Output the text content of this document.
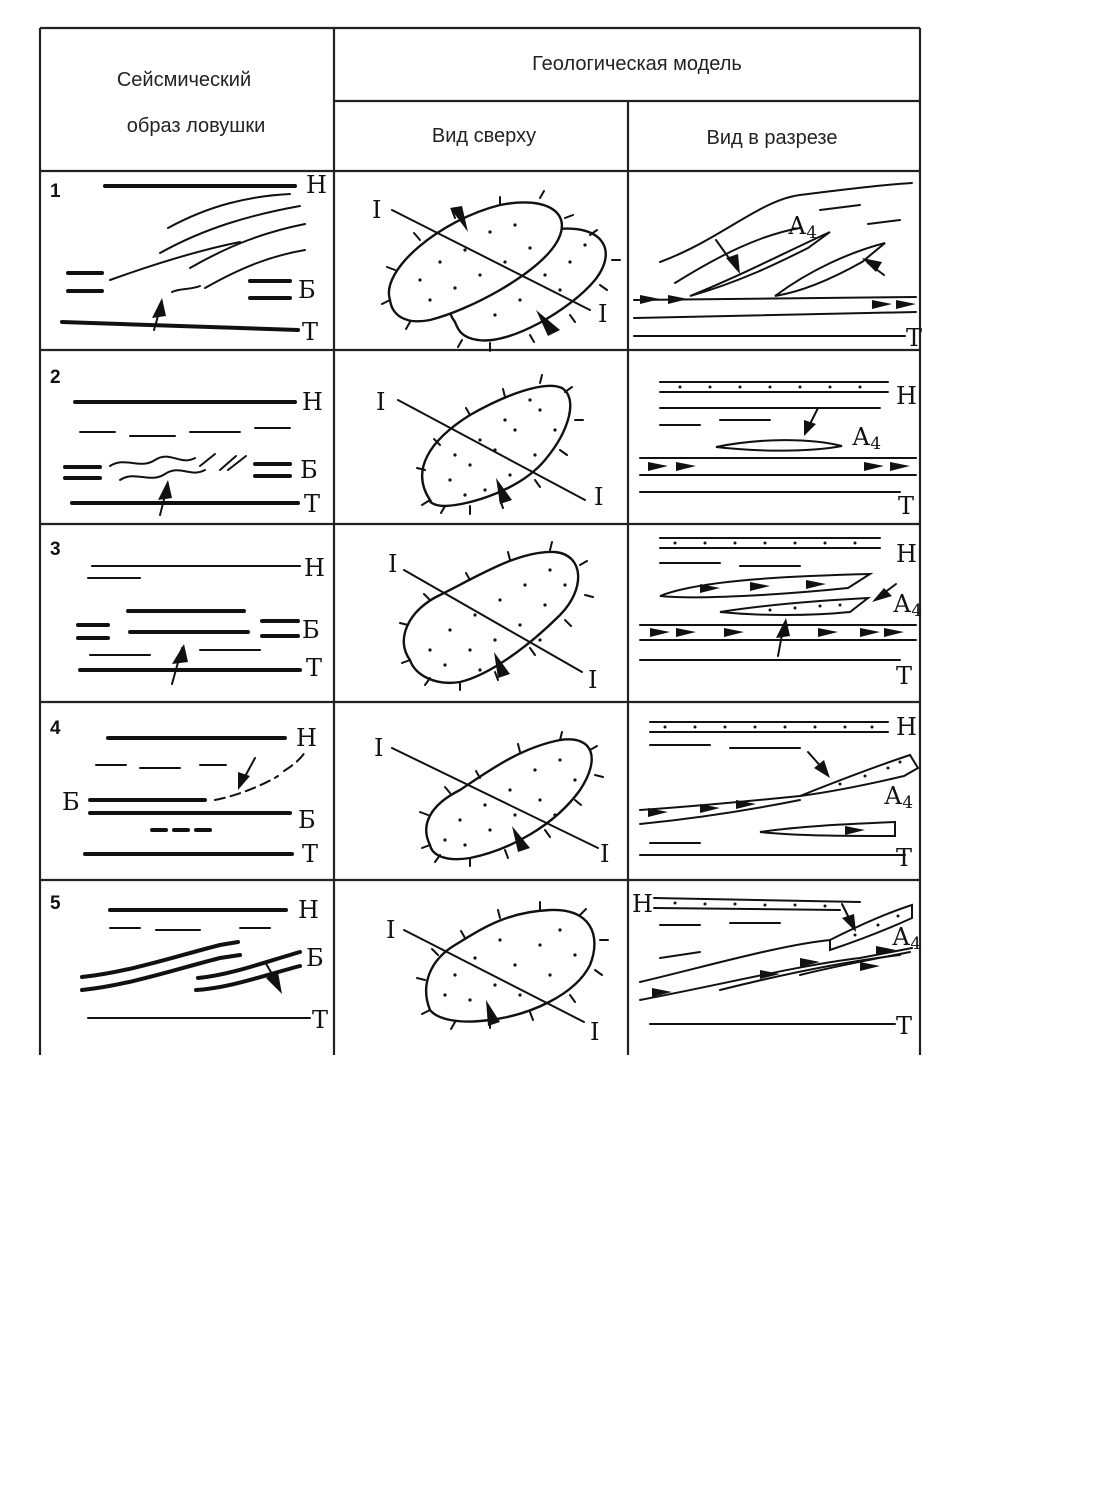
Сейсмический
образ ловушки
Геологическая модель
Вид сверху	Вид в разрезе
1
2
3
4
5
Н
Б
Т
I
I
А4
Т
Н
Б
Т
I
I
Н
А4
Т
Н
Б
Т
I
I
Н
А4
Т
Н
Б
Б
Т
I
I
Н
А4
Т
Н
Б
Т
I
I
Н
А4
Т
